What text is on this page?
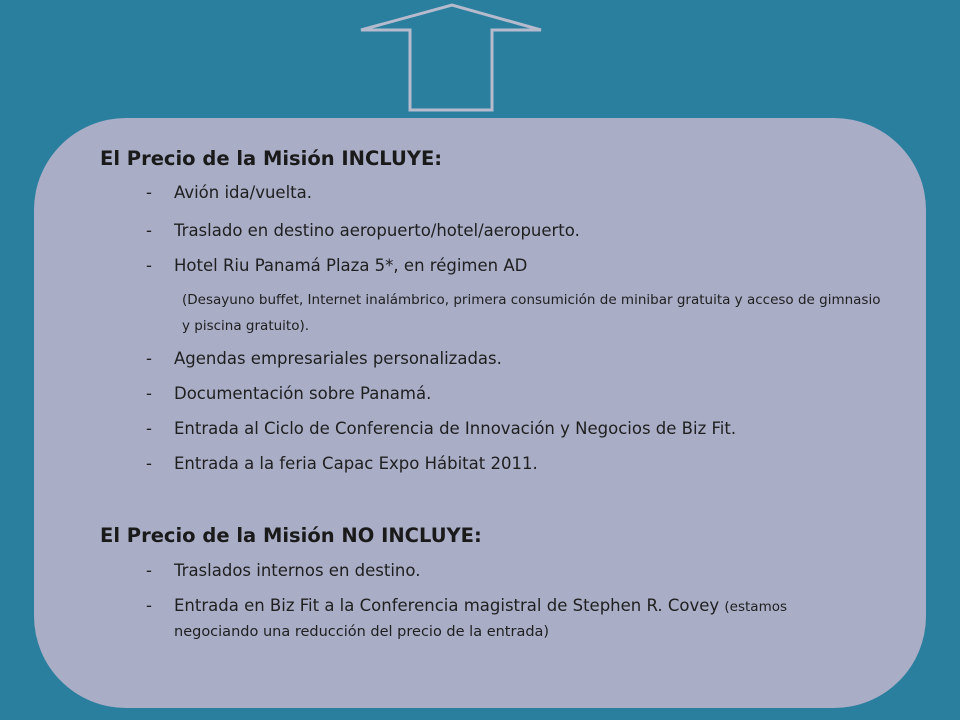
El Precio de la Misión INCLUYE:
- Avión ida/vuelta.
- Traslado en destino aeropuerto/hotel/aeropuerto.
- Hotel Riu Panamá Plaza 5*, en régimen AD
(Desayuno buffet, Internet inalámbrico, primera consumición de minibar gratuita y acceso de gimnasio y piscina gratuito).
- Agendas empresariales personalizadas.
- Documentación sobre Panamá.
- Entrada al Ciclo de Conferencia de Innovación y Negocios de Biz Fit.
- Entrada a la feria Capac Expo Hábitat 2011.
El Precio de la Misión NO INCLUYE:
- Traslados internos en destino.
- Entrada en Biz Fit a la Conferencia magistral de Stephen R. Covey (estamos
negociando una reducción del precio de la entrada)
